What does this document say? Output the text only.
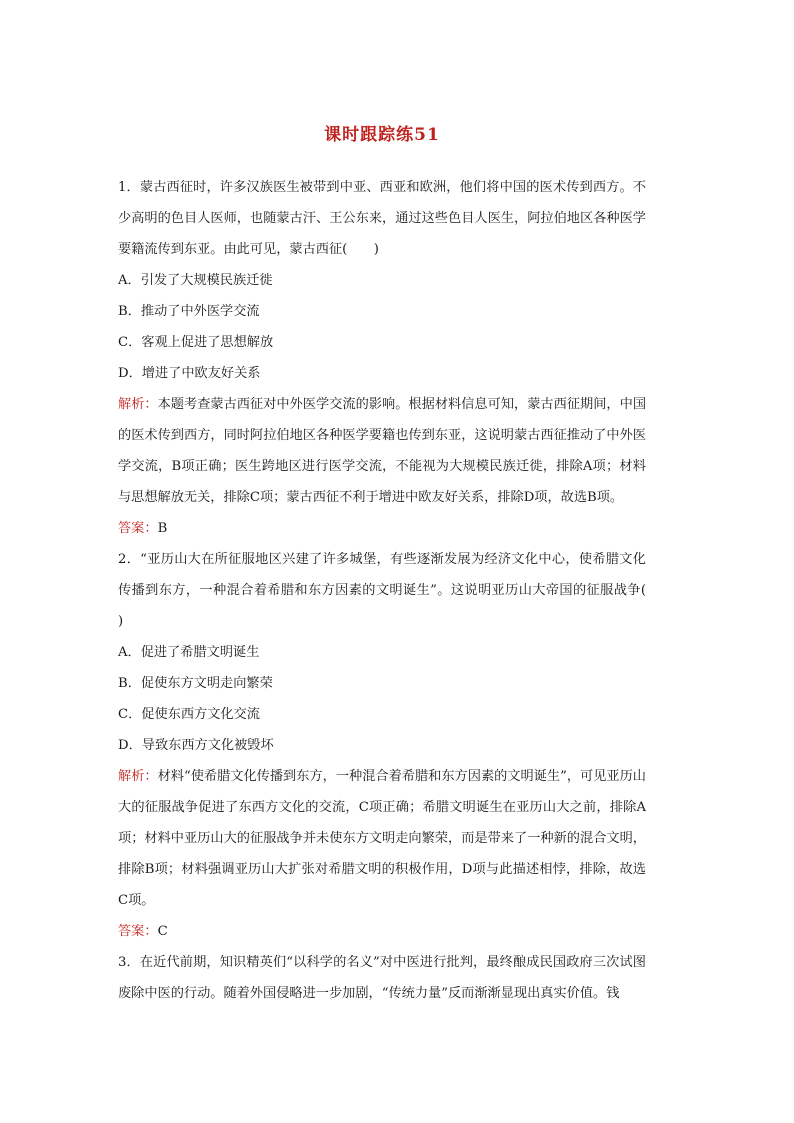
课时跟踪练51

1．蒙古西征时，许多汉族医生被带到中亚、西亚和欧洲，他们将中国的医术传到西方。不少高明的色目人医师，也随蒙古汗、王公东来，通过这些色目人医生，阿拉伯地区各种医学要籍流传到东亚。由此可见，蒙古西征(　　)

A．引发了大规模民族迁徙

B．推动了中外医学交流

C．客观上促进了思想解放

D．增进了中欧友好关系

解析：本题考查蒙古西征对中外医学交流的影响。根据材料信息可知，蒙古西征期间，中国的医术传到西方，同时阿拉伯地区各种医学要籍也传到东亚，这说明蒙古西征推动了中外医学交流，B项正确；医生跨地区进行医学交流，不能视为大规模民族迁徙，排除A项；材料与思想解放无关，排除C项；蒙古西征不利于增进中欧友好关系，排除D项，故选B项。

答案：B

2．“亚历山大在所征服地区兴建了许多城堡，有些逐渐发展为经济文化中心，使希腊文化传播到东方，一种混合着希腊和东方因素的文明诞生”。这说明亚历山大帝国的征服战争(　　)

A．促进了希腊文明诞生

B．促使东方文明走向繁荣

C．促使东西方文化交流

D．导致东西方文化被毁坏

解析：材料“使希腊文化传播到东方，一种混合着希腊和东方因素的文明诞生”，可见亚历山大的征服战争促进了东西方文化的交流，C项正确；希腊文明诞生在亚历山大之前，排除A项；材料中亚历山大的征服战争并未使东方文明走向繁荣，而是带来了一种新的混合文明，排除B项；材料强调亚历山大扩张对希腊文明的积极作用，D项与此描述相悖，排除，故选C项。

答案：C

3．在近代前期，知识精英们“以科学的名义”对中医进行批判，最终酿成民国政府三次试图废除中医的行动。随着外国侵略进一步加剧，“传统力量”反而渐渐显现出真实价值。钱
